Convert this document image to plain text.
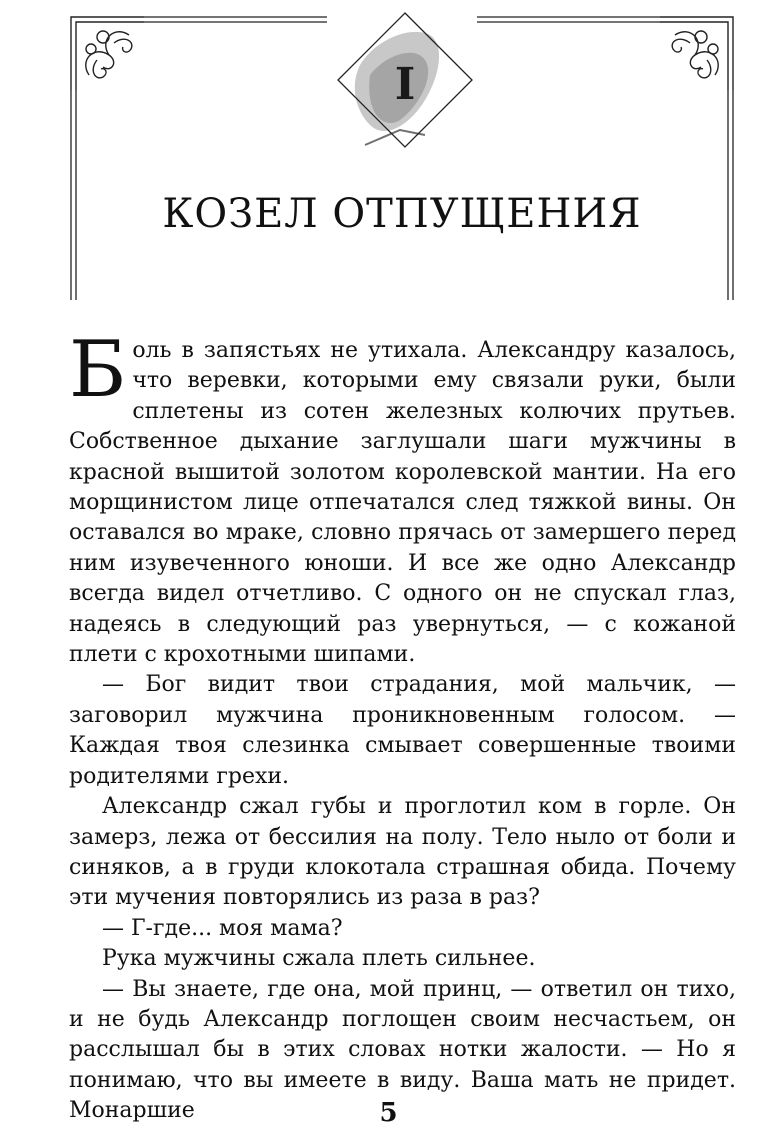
I
КОЗЕЛ ОТПУЩЕНИЯ

Боль в запястьях не утихала. Александру казалось, что веревки, которыми ему связали руки, были сплетены из сотен железных колючих прутьев. Собственное дыхание заглушали шаги мужчины в красной вышитой золотом королевской мантии. На его морщинистом лице отпечатался след тяжкой вины. Он оставался во мраке, словно прячась от замершего перед ним изувеченного юноши. И все же одно Александр всегда видел отчетливо. С одного он не спускал глаз, надеясь в следующий раз увернуться, — с кожаной плети с крохотными шипами.

— Бог видит твои страдания, мой мальчик, — заговорил мужчина проникновенным голосом. — Каждая твоя слезинка смывает совершенные твоими родителями грехи.

Александр сжал губы и проглотил ком в горле. Он замерз, лежа от бессилия на полу. Тело ныло от боли и синяков, а в груди клокотала страшная обида. Почему эти мучения повторялись из раза в раз?

— Г-где... моя мама?

Рука мужчины сжала плеть сильнее.

— Вы знаете, где она, мой принц, — ответил он тихо, и не будь Александр поглощен своим несчастьем, он расслышал бы в этих словах нотки жалости. — Но я понимаю, что вы имеете в виду. Ваша мать не придет. Монаршие	5
